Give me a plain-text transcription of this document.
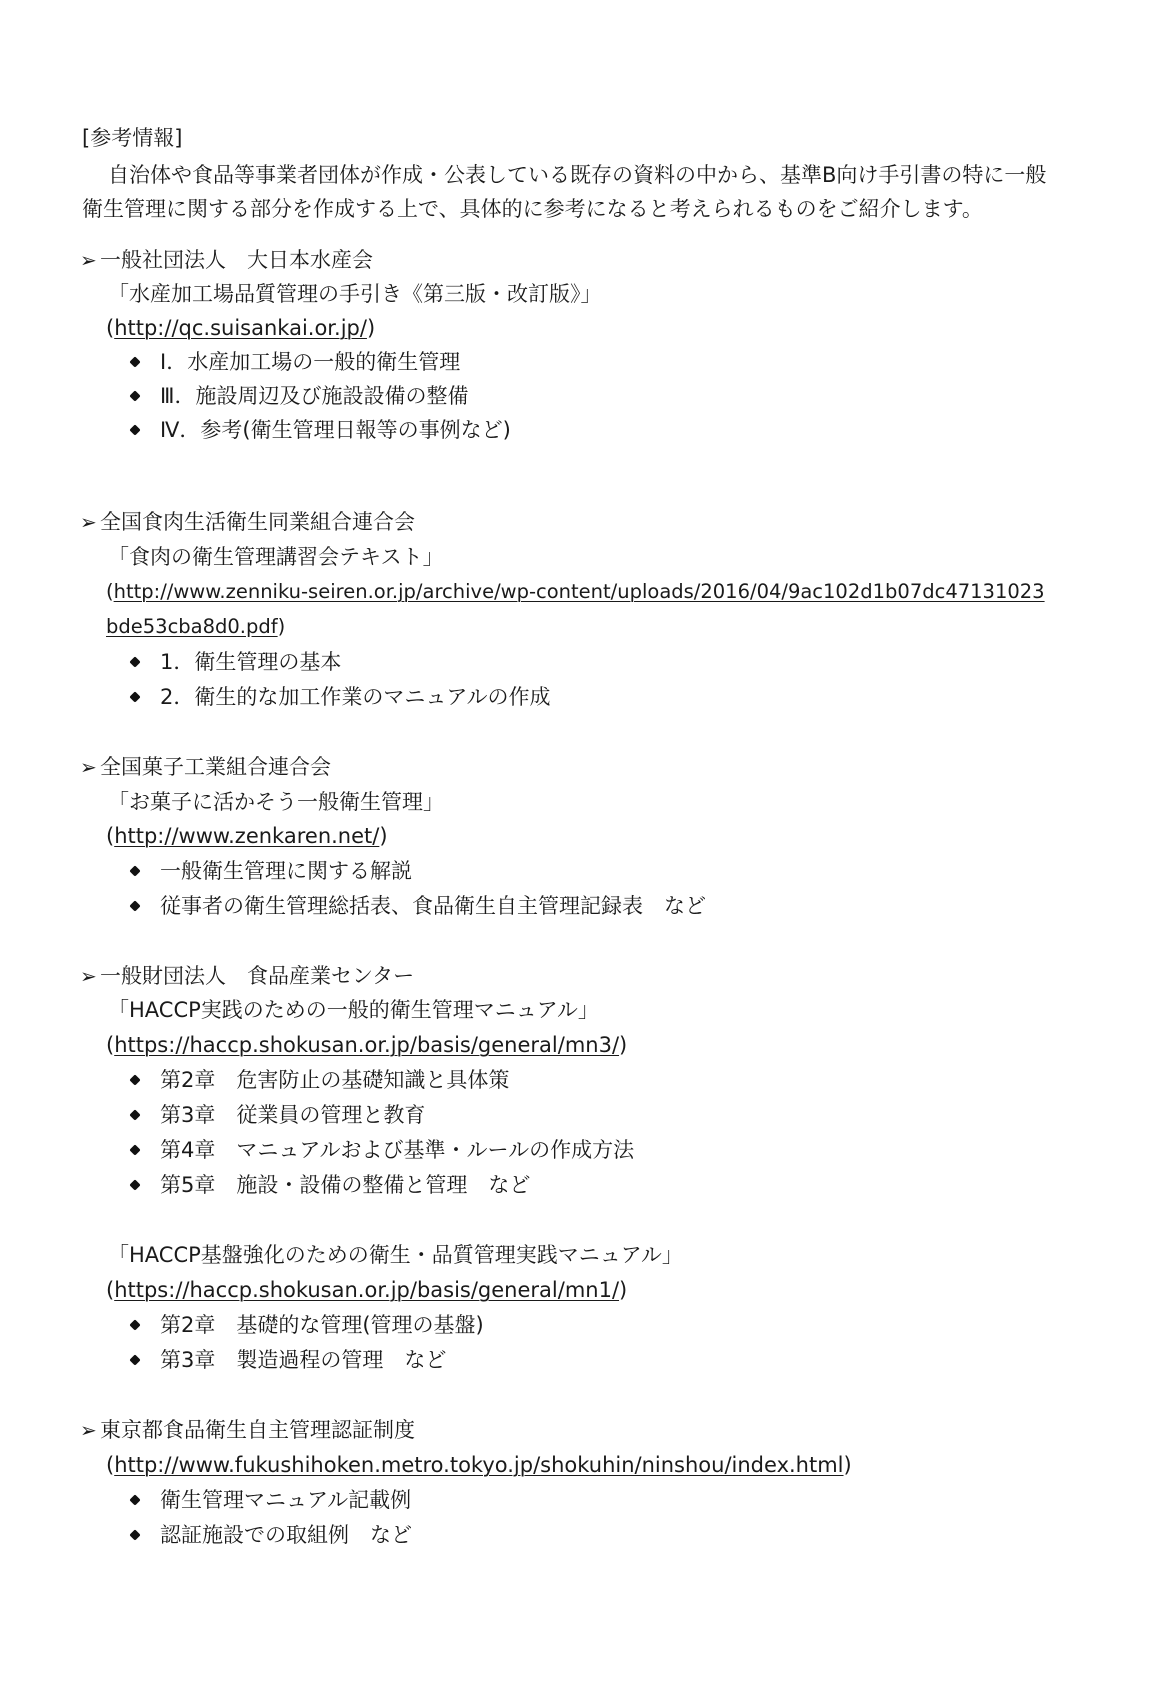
[参考情報]
自治体や食品等事業者団体が作成・公表している既存の資料の中から、基準B向け手引書の特に一般
衛生管理に関する部分を作成する上で、具体的に参考になると考えられるものをご紹介します。
➢ 一般社団法人　大日本水産会
「水産加工場品質管理の手引き《第三版・改訂版》」
(http://qc.suisankai.or.jp/)
Ⅰ．水産加工場の一般的衛生管理
Ⅲ．施設周辺及び施設設備の整備
Ⅳ．参考(衛生管理日報等の事例など)
➢ 全国食肉生活衛生同業組合連合会
「食肉の衛生管理講習会テキスト」
(http://www.zenniku-seiren.or.jp/archive/wp-content/uploads/2016/04/9ac102d1b07dc47131023
bde53cba8d0.pdf)
1．衛生管理の基本
2．衛生的な加工作業のマニュアルの作成
➢ 全国菓子工業組合連合会
「お菓子に活かそう一般衛生管理」
(http://www.zenkaren.net/)
一般衛生管理に関する解説
従事者の衛生管理総括表、食品衛生自主管理記録表　など
➢ 一般財団法人　食品産業センター
「HACCP実践のための一般的衛生管理マニュアル」
(https://haccp.shokusan.or.jp/basis/general/mn3/)
第2章　危害防止の基礎知識と具体策
第3章　従業員の管理と教育
第4章　マニュアルおよび基準・ルールの作成方法
第5章　施設・設備の整備と管理　など
「HACCP基盤強化のための衛生・品質管理実践マニュアル」
(https://haccp.shokusan.or.jp/basis/general/mn1/)
第2章　基礎的な管理(管理の基盤)
第3章　製造過程の管理　など
➢ 東京都食品衛生自主管理認証制度
(http://www.fukushihoken.metro.tokyo.jp/shokuhin/ninshou/index.html)
衛生管理マニュアル記載例
認証施設での取組例　など
